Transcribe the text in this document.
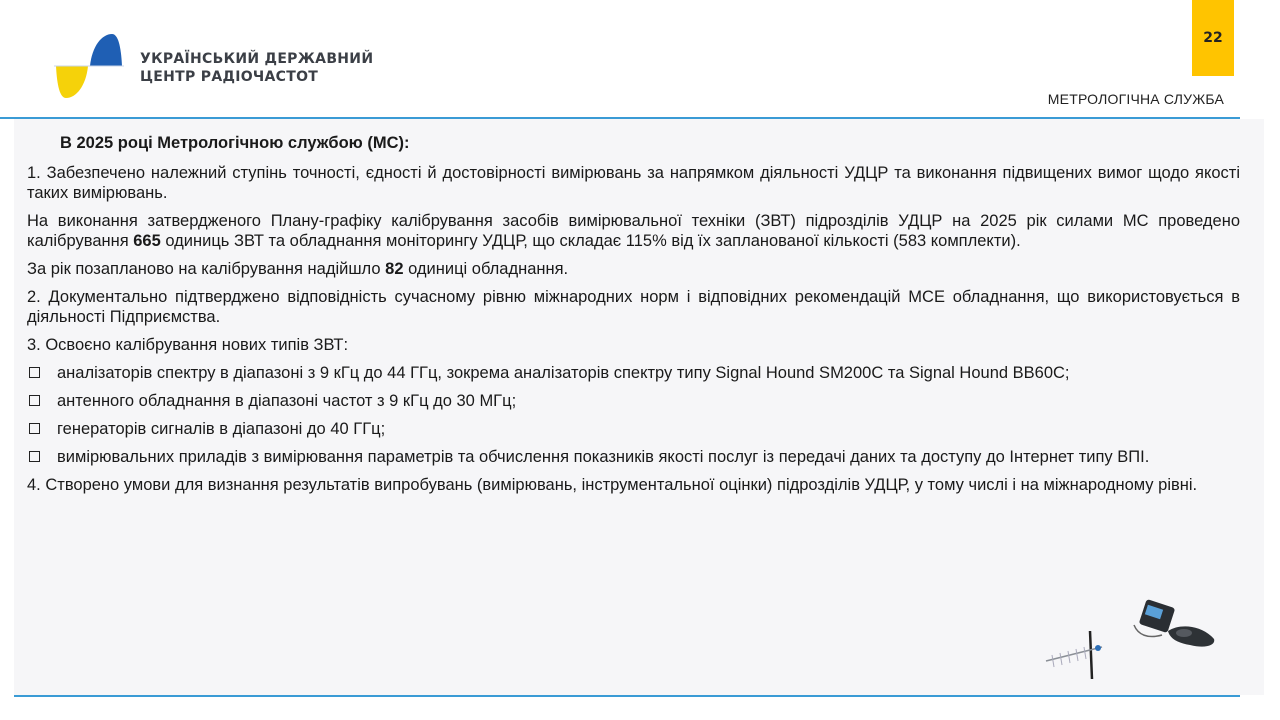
УКРАЇНСЬКИЙ ДЕРЖАВНИЙ
ЦЕНТР РАДІОЧАСТОТ
22
МЕТРОЛОГІЧНА СЛУЖБА
В 2025 році Метрологічною службою (МС):
1. Забезпечено належний ступінь точності, єдності й достовірності вимірювань за напрямком діяльності УДЦР та виконання підвищених вимог щодо якості таких вимірювань.
На виконання затвердженого Плану-графіку калібрування засобів вимірювальної техніки (ЗВТ) підрозділів УДЦР на 2025 рік силами МС проведено калібрування 665 одиниць ЗВТ та обладнання моніторингу УДЦР, що складає 115% від їх запланованої кількості (583 комплекти).
За рік позапланово на калібрування надійшло 82 одиниці обладнання.
2. Документально підтверджено відповідність сучасному рівню міжнародних норм і відповідних рекомендацій МСЕ обладнання, що використовується в діяльності Підприємства.
3. Освоєно калібрування нових типів ЗВТ:
аналізаторів спектру в діапазоні з 9 кГц до 44 ГГц, зокрема аналізаторів спектру типу Signal Hound SM200C та Signal Hound BB60C;
антенного обладнання в діапазоні частот з 9 кГц до 30 МГц;
генераторів сигналів в діапазоні до 40 ГГц;
вимірювальних приладів з вимірювання параметрів та обчислення показників якості послуг із передачі даних та доступу до Інтернет типу ВПІ.
4. Створено умови для визнання результатів випробувань (вимірювань, інструментальної оцінки) підрозділів УДЦР, у тому числі і на міжнародному рівні.
